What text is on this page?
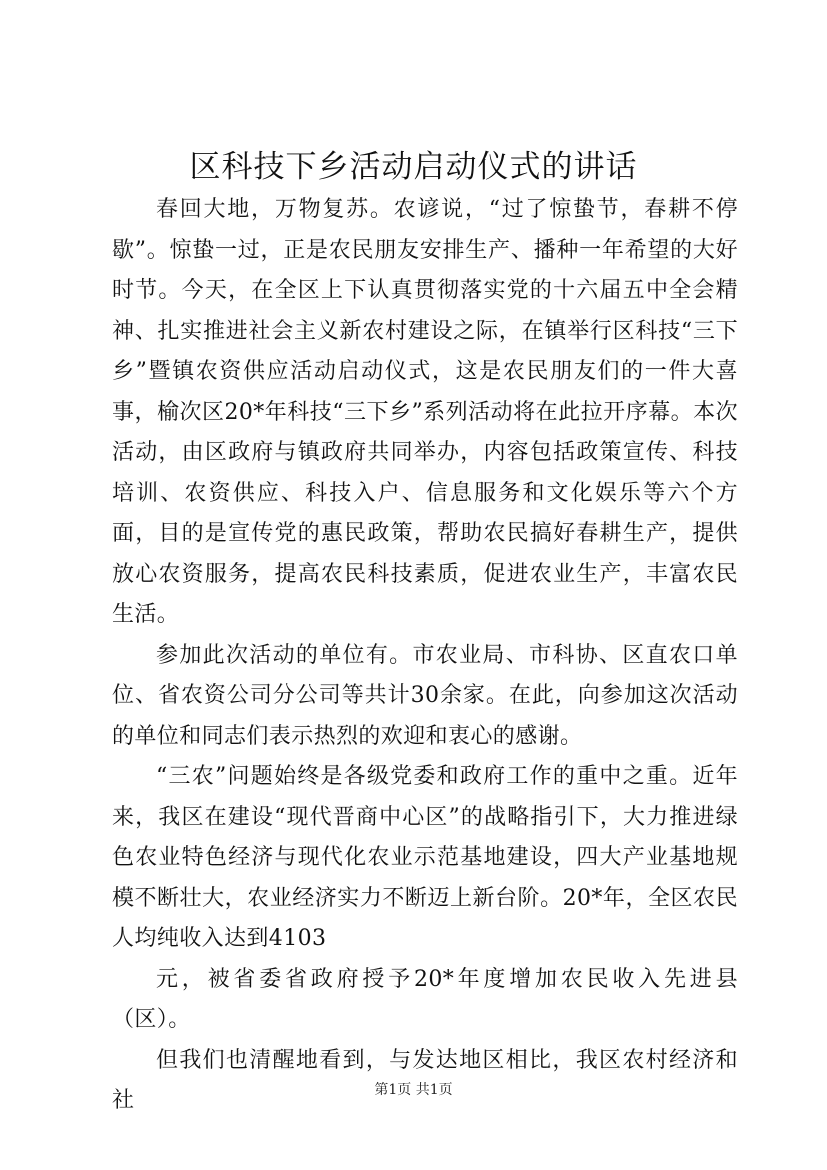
区科技下乡活动启动仪式的讲话

春回大地，万物复苏。农谚说，“过了惊蛰节，春耕不停歇”。惊蛰一过，正是农民朋友安排生产、播种一年希望的大好时节。今天，在全区上下认真贯彻落实党的十六届五中全会精神、扎实推进社会主义新农村建设之际，在镇举行区科技“三下乡”暨镇农资供应活动启动仪式，这是农民朋友们的一件大喜事，榆次区20*年科技“三下乡”系列活动将在此拉开序幕。本次活动，由区政府与镇政府共同举办，内容包括政策宣传、科技培训、农资供应、科技入户、信息服务和文化娱乐等六个方面，目的是宣传党的惠民政策，帮助农民搞好春耕生产，提供放心农资服务，提高农民科技素质，促进农业生产，丰富农民生活。

参加此次活动的单位有。市农业局、市科协、区直农口单位、省农资公司分公司等共计30余家。在此，向参加这次活动的单位和同志们表示热烈的欢迎和衷心的感谢。

“三农”问题始终是各级党委和政府工作的重中之重。近年来，我区在建设“现代晋商中心区”的战略指引下，大力推进绿色农业特色经济与现代化农业示范基地建设，四大产业基地规模不断壮大，农业经济实力不断迈上新台阶。20*年，全区农民人均纯收入达到4103

元，被省委省政府授予20*年度增加农民收入先进县（区）。

但我们也清醒地看到，与发达地区相比，我区农村经济和社	第1页 共1页
